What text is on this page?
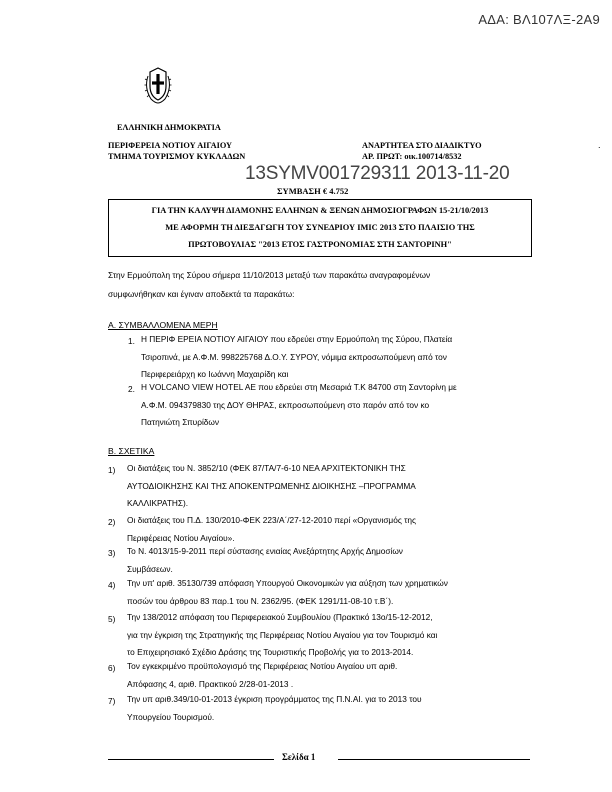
ΑΔΑ: ΒΛ107ΛΞ-2Α9
ΕΛΛΗΝΙΚΗ ΔΗΜΟΚΡΑΤΙΑ
ΠΕΡΙΦΕΡΕΙΑ ΝΟΤΙΟΥ ΑΙΓΑΙΟΥ
ΤΜΗΜΑ ΤΟΥΡΙΣΜΟΥ ΚΥΚΛΑΔΩΝ
ΑΝΑΡΤΗΤΕΑ ΣΤΟ ΔΙΑΔΙΚΤΥΟ
ΑΡ. ΠΡΩΤ: οικ.100714/8532
.
13SYMV001729311 2013-11-20
ΣΥΜΒΑΣΗ € 4.752
ΓΙΑ ΤΗΝ ΚΑΛΥΨΗ ΔΙΑΜΟΝΗΣ ΕΛΛΗΝΩΝ & ΞΕΝΩΝ ΔΗΜΟΣΙΟΓΡΑΦΩΝ 15-21/10/2013
ΜΕ ΑΦΟΡΜΗ ΤΗ ΔΙΕΞΑΓΩΓΗ ΤΟΥ ΣΥΝΕΔΡΙΟΥ IMIC 2013 ΣΤΟ ΠΛΑΙΣΙΟ ΤΗΣ
ΠΡΩΤΟΒΟΥΛΙΑΣ "2013 ΕΤΟΣ ΓΑΣΤΡΟΝΟΜΙΑΣ ΣΤΗ ΣΑΝΤΟΡΙΝΗ"
Στην Ερμούπολη της Σύρου σήμερα 11/10/2013 μεταξύ των παρακάτω αναγραφομένων
συμφωνήθηκαν και έγιναν αποδεκτά τα παρακάτω:
Α. ΣΥΜΒΑΛΛΟΜΕΝΑ ΜΕΡΗ
1. Η ΠΕΡΙΦ ΕΡΕΙΑ ΝΟΤΙΟΥ ΑΙΓΑΙΟΥ που εδρεύει στην Ερμούπολη της Σύρου, Πλατεία
Τσιροπινά, με Α.Φ.Μ. 998225768 Δ.Ο.Υ. ΣΥΡΟΥ, νόμιμα εκπροσωπούμενη από τον
Περιφερειάρχη κο Ιωάννη Μαχαιρίδη και
2. Η VOLCANO VIEW HOTEL AE που εδρεύει στη Μεσαριά Τ.Κ 84700 στη Σαντορίνη με
Α.Φ.Μ. 094379830 της ΔΟΥ ΘΗΡΑΣ, εκπροσωπούμενη στο παρόν από τον κο
Πατηνιώτη Σπυρίδων
Β. ΣΧΕΤΙΚΑ
1) Οι διατάξεις του Ν. 3852/10 (ΦΕΚ 87/ΤΑ/7-6-10 ΝΕΑ ΑΡΧΙΤΕΚΤΟΝΙΚΗ ΤΗΣ
ΑΥΤΟΔΙΟΙΚΗΣΗΣ ΚΑΙ ΤΗΣ ΑΠΟΚΕΝΤΡΩΜΕΝΗΣ ΔΙΟΙΚΗΣΗΣ –ΠΡΟΓΡΑΜΜΑ
ΚΑΛΛΙΚΡΑΤΗΣ).
2) Οι διατάξεις του Π.Δ. 130/2010-ΦΕΚ 223/Α΄/27-12-2010 περί «Οργανισμός της
Περιφέρειας Νοτίου Αιγαίου».
3) Το Ν. 4013/15-9-2011 περί σύστασης ενιαίας Ανεξάρτητης Αρχής Δημοσίων
Συμβάσεων.
4) Την υπ' αριθ. 35130/739 απόφαση Υπουργού Οικονομικών για αύξηση των χρηματικών
ποσών του άρθρου 83 παρ.1 του Ν. 2362/95. (ΦΕΚ 1291/11-08-10 τ.Β΄).
5) Την 138/2012 απόφαση του Περιφερειακού Συμβουλίου (Πρακτικό 13ο/15-12-2012,
για την έγκριση της Στρατηγικής της Περιφέρειας Νοτίου Αιγαίου για τον Τουρισμό και
το Επιχειρησιακό Σχέδιο Δράσης της Τουριστικής Προβολής για το 2013-2014.
6) Τον εγκεκριμένο προϋπολογισμό της Περιφέρειας Νοτίου Αιγαίου υπ αριθ.
Απόφασης 4, αριθ. Πρακτικού 2/28-01-2013 .
7) Την υπ αριθ.349/10-01-2013 έγκριση προγράμματος της Π.Ν.ΑΙ. για το 2013 του
Υπουργείου Τουρισμού.
Σελίδα 1
